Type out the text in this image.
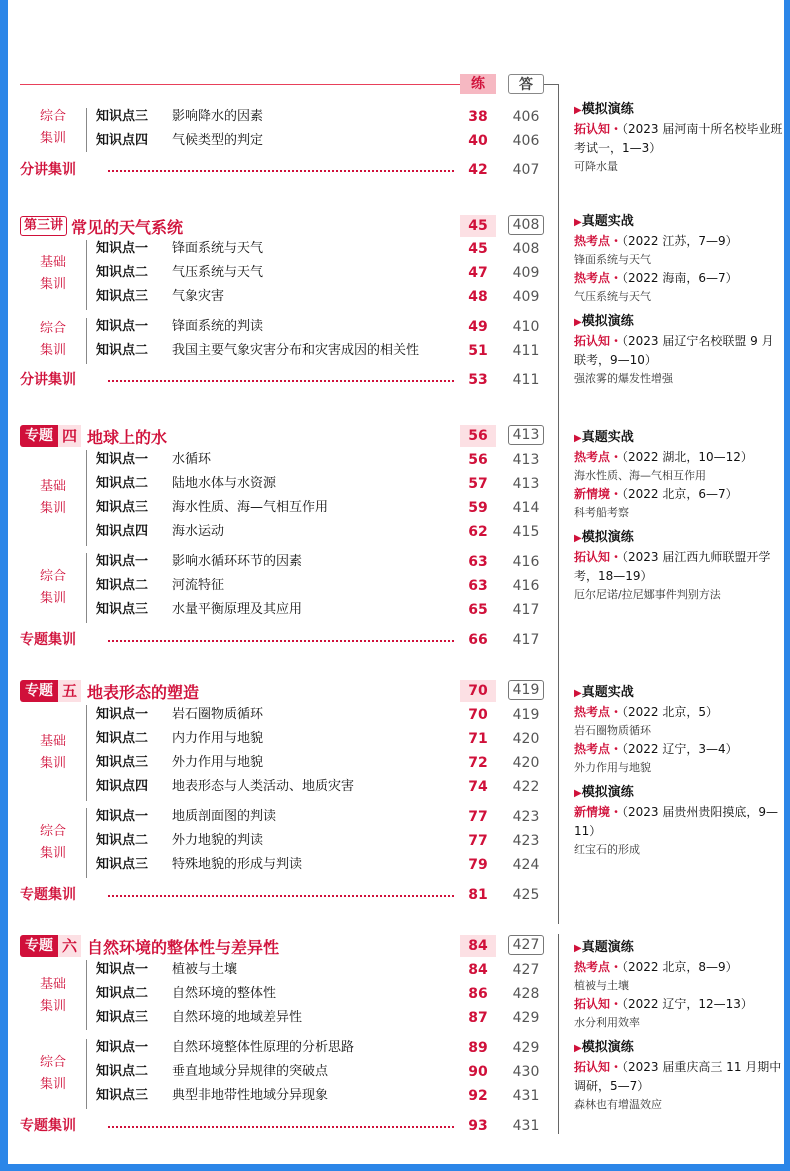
练	答
综合
集训
知识点三 影响降水的因素	38	406
知识点四 气候类型的判定	40	406
分讲集训	42	407
▶模拟演练
拓认知・（2023 届河南十所名校毕业班考试一，1—3）
可降水量
第三讲 常见的天气系统	45	408
基础
集训
知识点一 锋面系统与天气	45	408
知识点二 气压系统与天气	47	409
知识点三 气象灾害	48	409
综合
集训
知识点一 锋面系统的判读	49	410
知识点二 我国主要气象灾害分布和灾害成因的相关性	51	411
分讲集训	53	411
▶真题实战
热考点・（2022 江苏，7—9）
锋面系统与天气
热考点・（2022 海南，6—7）
气压系统与天气
▶模拟演练
拓认知・（2023 届辽宁名校联盟 9 月联考，9—10）
强浓雾的爆发性增强
专题 四 地球上的水	56	413
基础
集训
知识点一 水循环	56	413
知识点二 陆地水体与水资源	57	413
知识点三 海水性质、海—气相互作用	59	414
知识点四 海水运动	62	415
综合
集训
知识点一 影响水循环环节的因素	63	416
知识点二 河流特征	63	416
知识点三 水量平衡原理及其应用	65	417
专题集训	66	417
▶真题实战
热考点・（2022 湖北，10—12）
海水性质、海—气相互作用
新情境・（2022 北京，6—7）
科考船考察
▶模拟演练
拓认知・（2023 届江西九师联盟开学考，18—19）
厄尔尼诺/拉尼娜事件判别方法
专题 五 地表形态的塑造	70	419
基础
集训
知识点一 岩石圈物质循环	70	419
知识点二 内力作用与地貌	71	420
知识点三 外力作用与地貌	72	420
知识点四 地表形态与人类活动、地质灾害	74	422
综合
集训
知识点一 地质剖面图的判读	77	423
知识点二 外力地貌的判读	77	423
知识点三 特殊地貌的形成与判读	79	424
专题集训	81	425
▶真题实战
热考点・（2022 北京，5）
岩石圈物质循环
热考点・（2022 辽宁，3—4）
外力作用与地貌
▶模拟演练
新情境・（2023 届贵州贵阳摸底，9—11）
红宝石的形成
专题 六 自然环境的整体性与差异性	84	427
基础
集训
知识点一 植被与土壤	84	427
知识点二 自然环境的整体性	86	428
知识点三 自然环境的地域差异性	87	429
综合
集训
知识点一 自然环境整体性原理的分析思路	89	429
知识点二 垂直地域分异规律的突破点	90	430
知识点三 典型非地带性地域分异现象	92	431
专题集训	93	431
▶真题演练
热考点・（2022 北京，8—9）
植被与土壤
拓认知・（2022 辽宁，12—13）
水分利用效率
▶模拟演练
拓认知・（2023 届重庆高三 11 月期中调研，5—7）
森林也有增温效应
